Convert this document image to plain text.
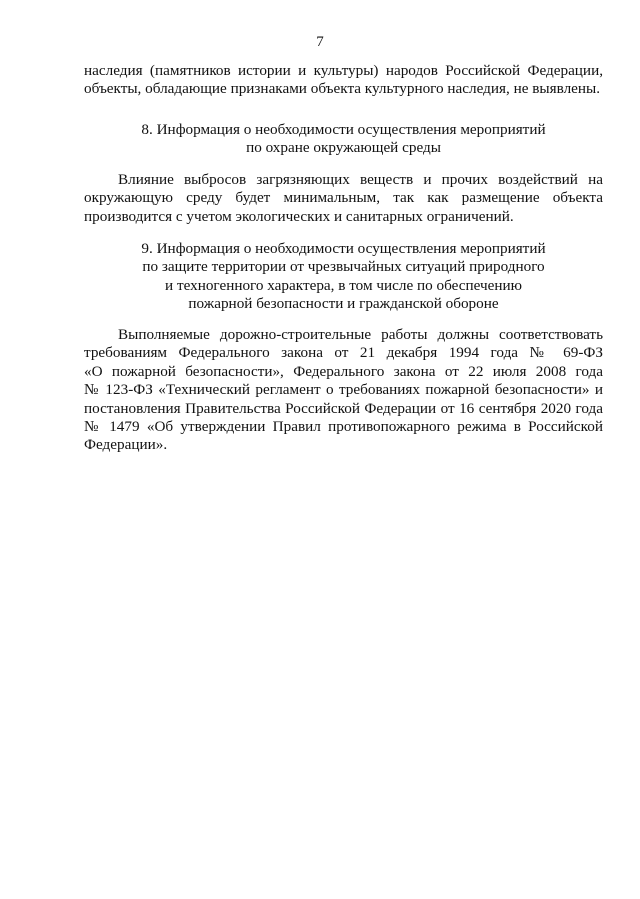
7
наследия (памятников истории и культуры) народов Российской Федерации,
объекты, обладающие признаками объекта культурного наследия, не выявлены.
8. Информация о необходимости осуществления мероприятий
по охране окружающей среды
Влияние выбросов загрязняющих веществ и прочих воздействий на
окружающую среду будет минимальным, так как размещение объекта
производится с учетом экологических и санитарных ограничений.
9. Информация о необходимости осуществления мероприятий
по защите территории от чрезвычайных ситуаций природного
и техногенного характера, в том числе по обеспечению
пожарной безопасности и гражданской обороне
Выполняемые дорожно-строительные работы должны соответствовать
требованиям Федерального закона от 21 декабря 1994 года № 69-ФЗ
«О пожарной безопасности», Федерального закона от 22 июля 2008 года
№ 123-ФЗ «Технический регламент о требованиях пожарной безопасности» и
постановления Правительства Российской Федерации от 16 сентября 2020 года
№ 1479 «Об утверждении Правил противопожарного режима в Российской
Федерации».
